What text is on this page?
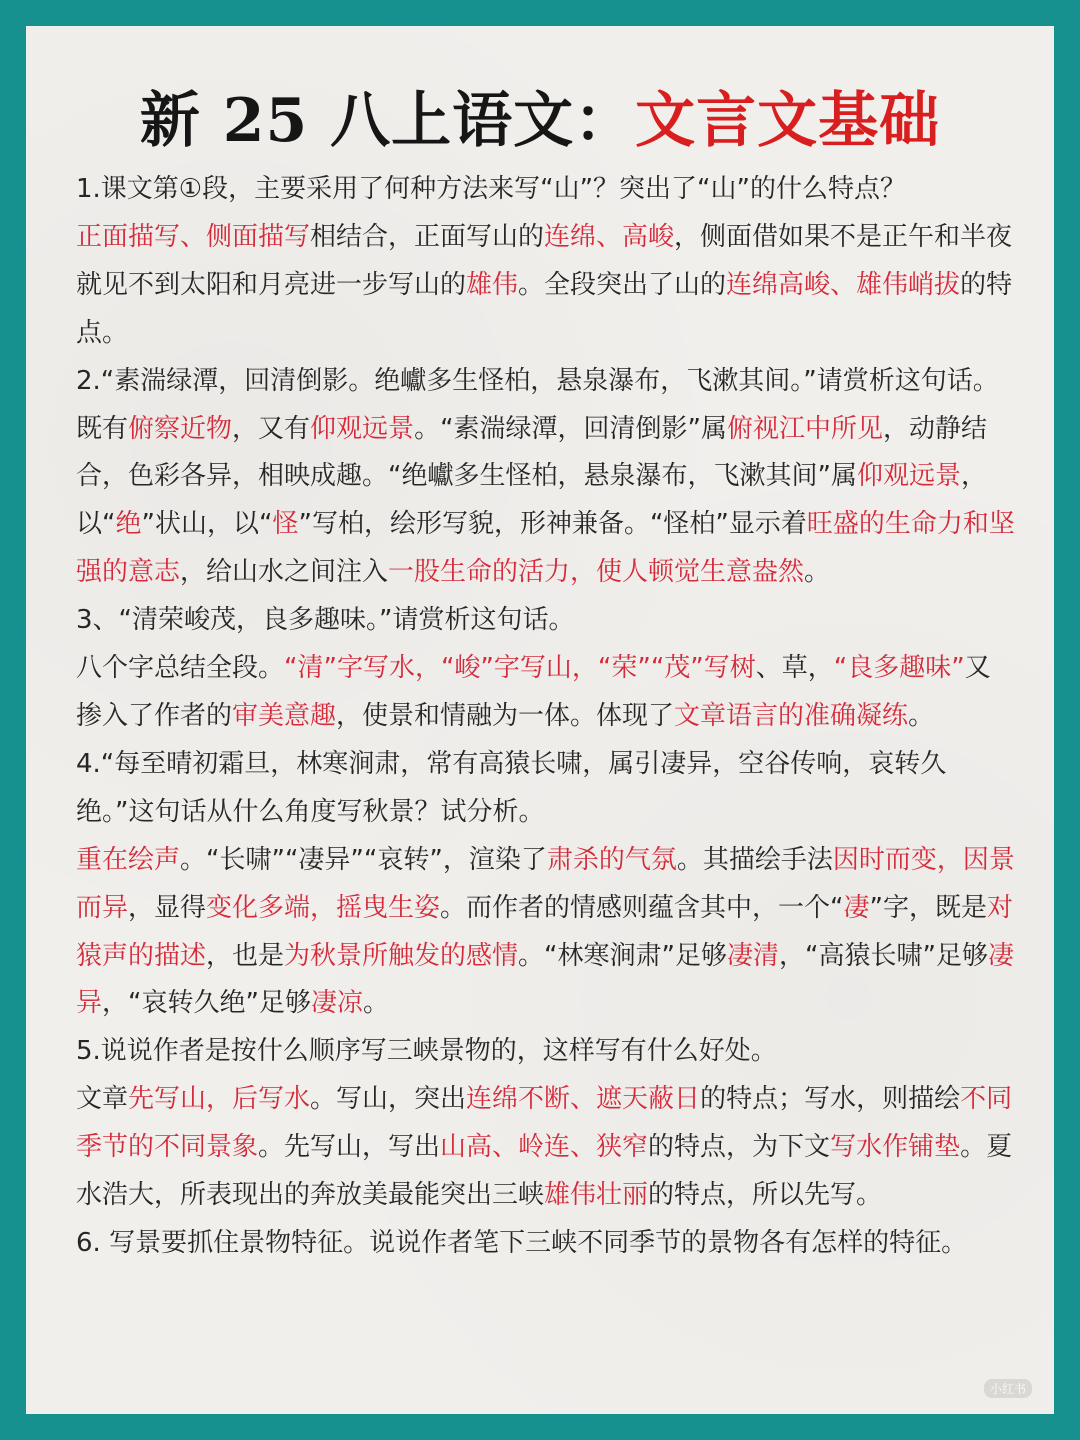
新 25 八上语文：文言文基础

1.课文第①段，主要采用了何种方法来写“山”？突出了“山”的什么特点？

正面描写、侧面描写相结合，正面写山的连绵、高峻，侧面借如果不是正午和半夜就见不到太阳和月亮进一步写山的雄伟。全段突出了山的连绵高峻、雄伟峭拔的特点。

2.“素湍绿潭，回清倒影。绝巘多生怪柏，悬泉瀑布，飞漱其间。”请赏析这句话。

既有俯察近物，又有仰观远景。“素湍绿潭，回清倒影”属俯视江中所见，动静结合，色彩各异，相映成趣。“绝巘多生怪柏，悬泉瀑布，飞漱其间”属仰观远景，以“绝”状山，以“怪”写柏，绘形写貌，形神兼备。“怪柏”显示着旺盛的生命力和坚强的意志，给山水之间注入一股生命的活力，使人顿觉生意盎然。

3、“清荣峻茂，良多趣味。”请赏析这句话。

八个字总结全段。“清”字写水，“峻”字写山，“荣”“茂”写树、草，“良多趣味”又掺入了作者的审美意趣，使景和情融为一体。体现了文章语言的准确凝练。

4.“每至晴初霜旦，林寒涧肃，常有高猿长啸，属引凄异，空谷传响，哀转久绝。”这句话从什么角度写秋景？试分析。

重在绘声。“长啸”“凄异”“哀转”，渲染了肃杀的气氛。其描绘手法因时而变，因景而异，显得变化多端，摇曳生姿。而作者的情感则蕴含其中，一个“凄”字，既是对猿声的描述，也是为秋景所触发的感情。“林寒涧肃”足够凄清，“高猿长啸”足够凄异，“哀转久绝”足够凄凉。

5.说说作者是按什么顺序写三峡景物的，这样写有什么好处。

文章先写山，后写水。写山，突出连绵不断、遮天蔽日的特点；写水，则描绘不同季节的不同景象。先写山，写出山高、岭连、狭窄的特点，为下文写水作铺垫。夏水浩大，所表现出的奔放美最能突出三峡雄伟壮丽的特点，所以先写。

6. 写景要抓住景物特征。说说作者笔下三峡不同季节的景物各有怎样的特征。

小红书
